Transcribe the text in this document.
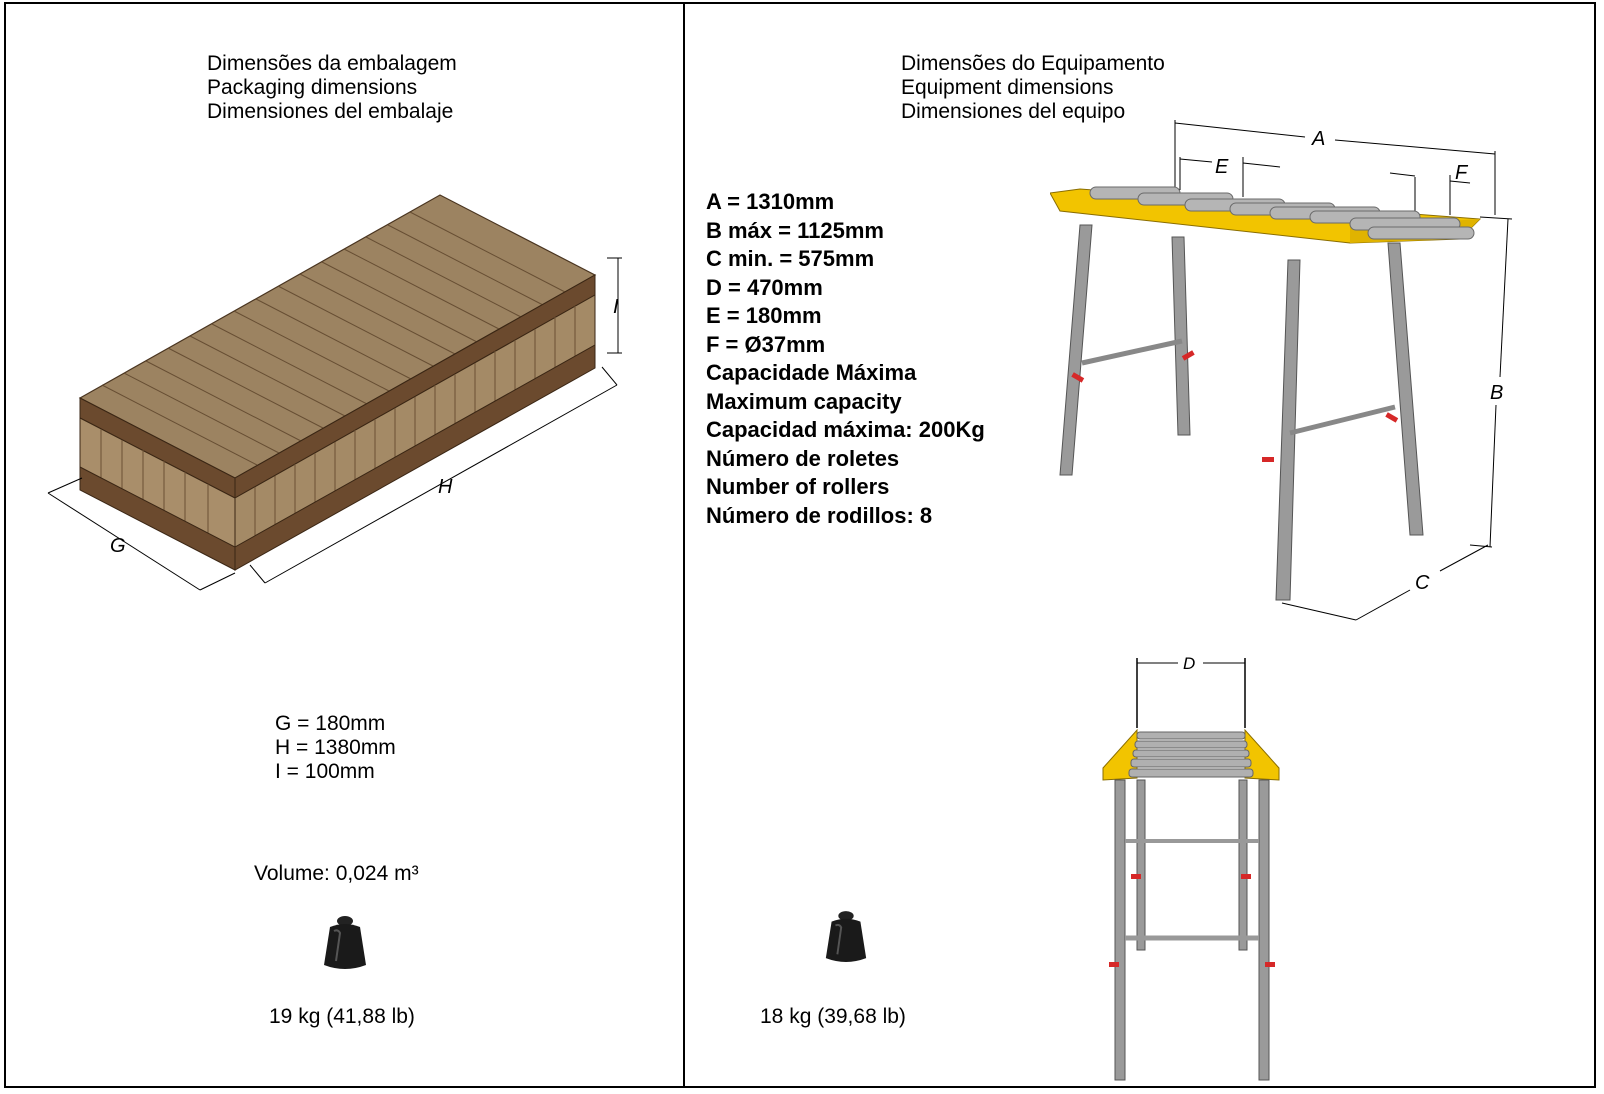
Dimensões da embalagem
Packaging dimensions
Dimensiones del embalaje
G
H
I
G = 180mm
H = 1380mm
I = 100mm
Volume: 0,024 m³
19 kg (41,88 lb)
Dimensões do Equipamento
Equipment dimensions
Dimensiones del equipo
A = 1310mm
B máx = 1125mm
C min. = 575mm
D = 470mm
E = 180mm
F = Ø37mm
Capacidade Máxima
Maximum capacity
Capacidad máxima: 200Kg
Número de roletes
Number of rollers
Número de rodillos: 8
A
E	F
B
C
D
18 kg (39,68 lb)
